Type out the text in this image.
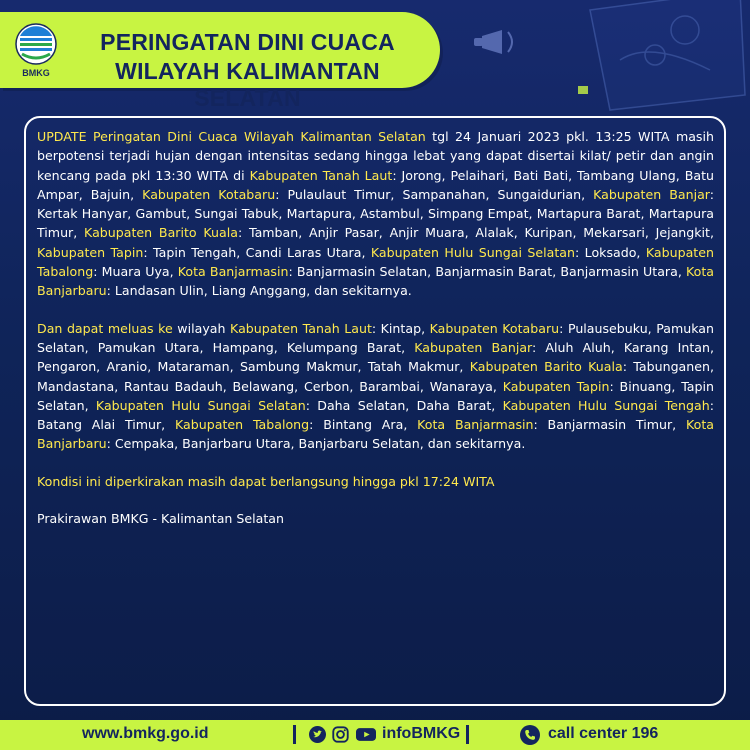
BMKG
PERINGATAN DINI CUACA
WILAYAH KALIMANTAN SELATAN

UPDATE Peringatan Dini Cuaca Wilayah Kalimantan Selatan tgl 24 Januari 2023 pkl. 13:25 WITA masih berpotensi terjadi hujan dengan intensitas sedang hingga lebat yang dapat disertai kilat/ petir dan angin kencang pada pkl 13:30 WITA di Kabupaten Tanah Laut: Jorong, Pelaihari, Bati Bati, Tambang Ulang, Batu Ampar, Bajuin, Kabupaten Kotabaru: Pulaulaut Timur, Sampanahan, Sungaidurian, Kabupaten Banjar: Kertak Hanyar, Gambut, Sungai Tabuk, Martapura, Astambul, Simpang Empat, Martapura Barat, Martapura Timur, Kabupaten Barito Kuala: Tamban, Anjir Pasar, Anjir Muara, Alalak, Kuripan, Mekarsari, Jejangkit, Kabupaten Tapin: Tapin Tengah, Candi Laras Utara, Kabupaten Hulu Sungai Selatan: Loksado, Kabupaten Tabalong: Muara Uya, Kota Banjarmasin: Banjarmasin Selatan, Banjarmasin Barat, Banjarmasin Utara, Kota Banjarbaru: Landasan Ulin, Liang Anggang, dan sekitarnya.

Dan dapat meluas ke wilayah Kabupaten Tanah Laut: Kintap, Kabupaten Kotabaru: Pulausebuku, Pamukan Selatan, Pamukan Utara, Hampang, Kelumpang Barat, Kabupaten Banjar: Aluh Aluh, Karang Intan, Pengaron, Aranio, Mataraman, Sambung Makmur, Tatah Makmur, Kabupaten Barito Kuala: Tabunganen, Mandastana, Rantau Badauh, Belawang, Cerbon, Barambai, Wanaraya, Kabupaten Tapin: Binuang, Tapin Selatan, Kabupaten Hulu Sungai Selatan: Daha Selatan, Daha Barat, Kabupaten Hulu Sungai Tengah: Batang Alai Timur, Kabupaten Tabalong: Bintang Ara, Kota Banjarmasin: Banjarmasin Timur, Kota Banjarbaru: Cempaka, Banjarbaru Utara, Banjarbaru Selatan, dan sekitarnya.

Kondisi ini diperkirakan masih dapat berlangsung hingga pkl 17:24 WITA

Prakirawan BMKG - Kalimantan Selatan

www.bmkg.go.id	infoBMKG	call center 196
